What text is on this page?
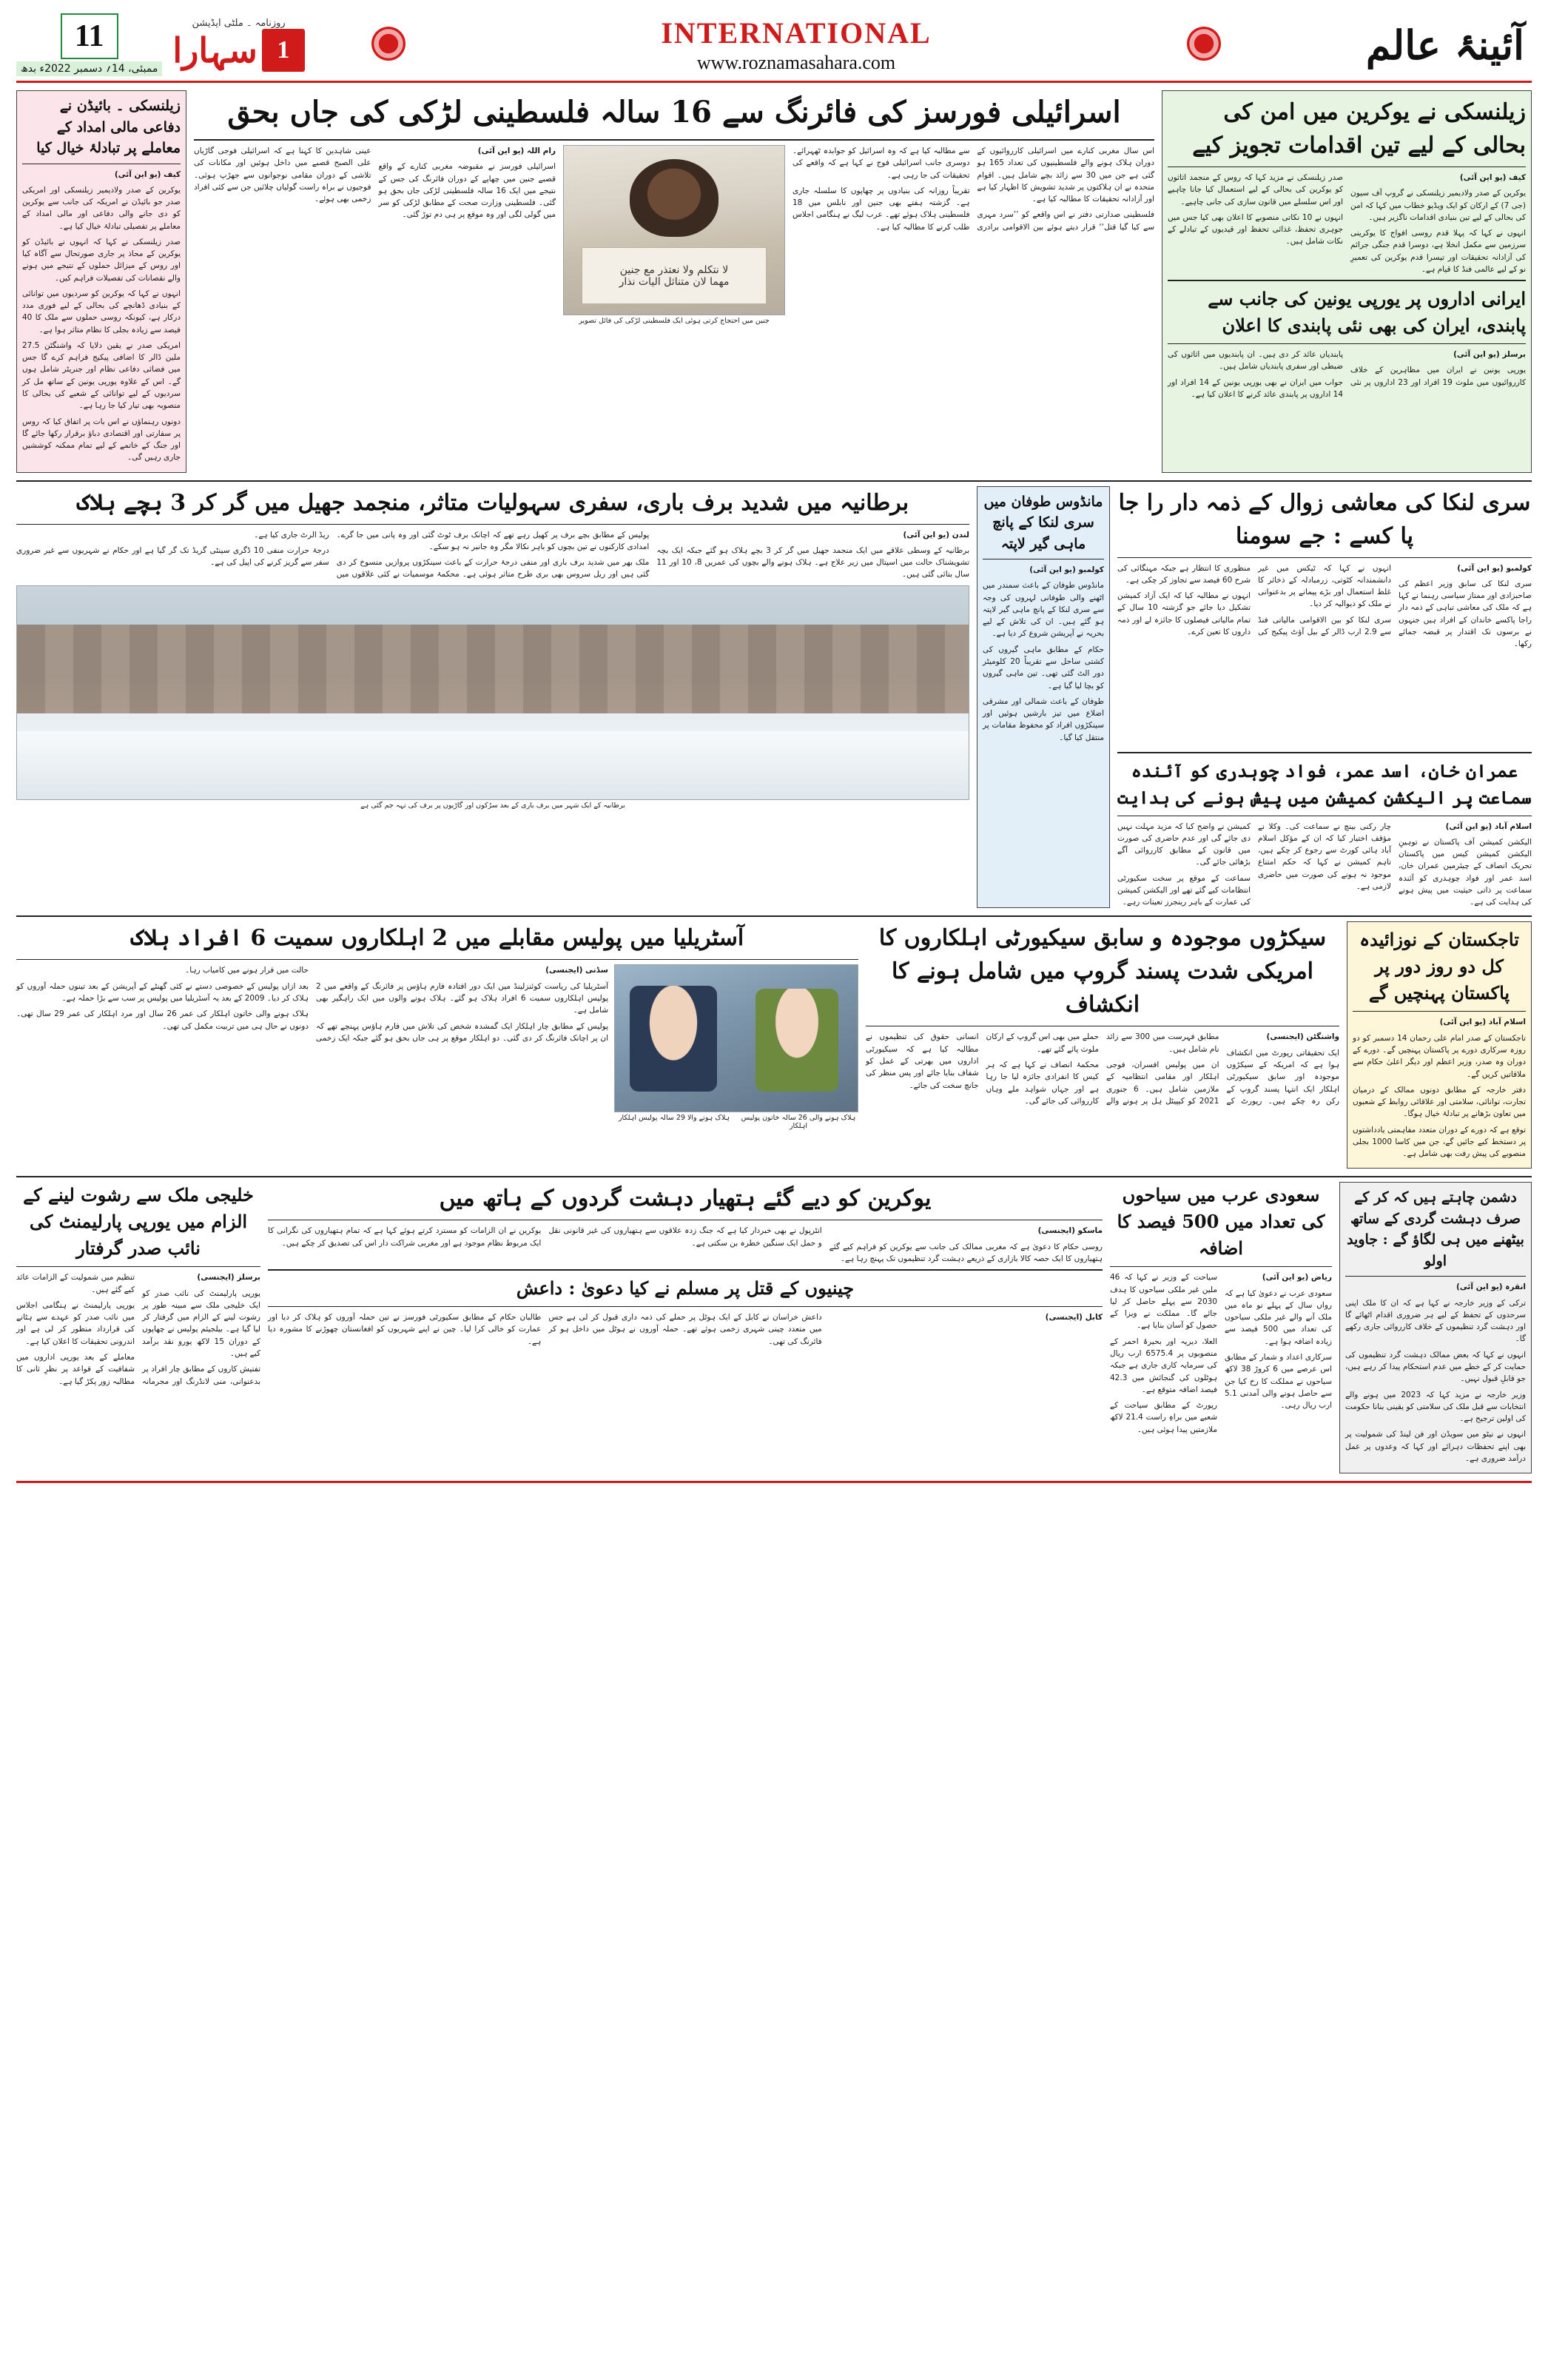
آئینۂ عالم
INTERNATIONAL
www.roznamasahara.com
روزنامہ ۔ ملٹی ایڈیشن
1
سہارا
11
ممبئی، 14؍ دسمبر 2022ء بدھ
زیلنسکی نے یوکرین میں امن کی بحالی کے لیے تین اقدامات تجویز کیے

کیف (یو این آئی)

یوکرین کے صدر ولادیمیر زیلنسکی نے گروپ آف سیون (جی 7) کے ارکان کو ایک ویڈیو خطاب میں کہا کہ امن کی بحالی کے لیے تین بنیادی اقدامات ناگزیر ہیں۔

انہوں نے کہا کہ پہلا قدم روسی افواج کا یوکرینی سرزمین سے مکمل انخلا ہے، دوسرا قدم جنگی جرائم کی آزادانہ تحقیقات اور تیسرا قدم یوکرین کی تعمیرِ نو کے لیے عالمی فنڈ کا قیام ہے۔

صدر زیلنسکی نے مزید کہا کہ روس کے منجمد اثاثوں کو یوکرین کی بحالی کے لیے استعمال کیا جانا چاہیے اور اس سلسلے میں قانون سازی کی جانی چاہیے۔

انہوں نے 10 نکاتی منصوبے کا اعلان بھی کیا جس میں جوہری تحفظ، غذائی تحفظ اور قیدیوں کے تبادلے کے نکات شامل ہیں۔

ایرانی اداروں پر یورپی یونین کی جانب سے پابندی، ایران کی بھی نئی پابندی کا اعلان

برسلز (یو این آئی)

یورپی یونین نے ایران میں مظاہرین کے خلاف کارروائیوں میں ملوث 19 افراد اور 23 اداروں پر نئی پابندیاں عائد کر دی ہیں۔ ان پابندیوں میں اثاثوں کی ضبطی اور سفری پابندیاں شامل ہیں۔

جواب میں ایران نے بھی یورپی یونین کے 14 افراد اور 14 اداروں پر پابندی عائد کرنے کا اعلان کیا ہے۔

اسرائیلی فورسز کی فائرنگ سے 16 سالہ فلسطینی لڑکی کی جاں بحق

اس سال مغربی کنارے میں اسرائیلی کارروائیوں کے دوران ہلاک ہونے والے فلسطینیوں کی تعداد 165 ہو گئی ہے جن میں 30 سے زائد بچے شامل ہیں۔ اقوام متحدہ نے ان ہلاکتوں پر شدید تشویش کا اظہار کیا ہے اور آزادانہ تحقیقات کا مطالبہ کیا ہے۔

فلسطینی صدارتی دفتر نے اس واقعے کو ’’سرد مہری سے کیا گیا قتل‘‘ قرار دیتے ہوئے بین الاقوامی برادری سے مطالبہ کیا ہے کہ وہ اسرائیل کو جوابدہ ٹھہرائے۔ دوسری جانب اسرائیلی فوج نے کہا ہے کہ واقعے کی تحقیقات کی جا رہی ہے۔

تقریباً روزانہ کی بنیادوں پر چھاپوں کا سلسلہ جاری ہے۔ گزشتہ ہفتے بھی جنین اور نابلس میں 18 فلسطینی ہلاک ہوئے تھے۔ عرب لیگ نے ہنگامی اجلاس طلب کرنے کا مطالبہ کیا ہے۔

لا نتكلم ولا نعتذر مع جنين
مهما لان متناثل اليات نذار
جنین میں احتجاج کرتی ہوئی ایک فلسطینی لڑکی کی فائل تصویر

رام اللہ (یو این آئی)

اسرائیلی فورسز نے مقبوضہ مغربی کنارے کے واقع قصبے جنین میں چھاپے کے دوران فائرنگ کی جس کے نتیجے میں ایک 16 سالہ فلسطینی لڑکی جاں بحق ہو گئی۔ فلسطینی وزارت صحت کے مطابق لڑکی کو سر میں گولی لگی اور وہ موقع پر ہی دم توڑ گئی۔

عینی شاہدین کا کہنا ہے کہ اسرائیلی فوجی گاڑیاں علی الصبح قصبے میں داخل ہوئیں اور مکانات کی تلاشی کے دوران مقامی نوجوانوں سے جھڑپ ہوئی۔ فوجیوں نے براہ راست گولیاں چلائیں جن سے کئی افراد زخمی بھی ہوئے۔

زیلنسکی ۔ بائیڈن نے دفاعی مالی امداد کے معاملے پر تبادلۂ خیال کیا

کیف (یو این آئی)

یوکرین کے صدر ولادیمیر زیلنسکی اور امریکی صدر جو بائیڈن نے امریکہ کی جانب سے یوکرین کو دی جانے والی دفاعی اور مالی امداد کے معاملے پر تفصیلی تبادلۂ خیال کیا ہے۔

صدر زیلنسکی نے کہا کہ انہوں نے بائیڈن کو یوکرین کے محاذ پر جاری صورتحال سے آگاہ کیا اور روس کے میزائل حملوں کے نتیجے میں ہونے والے نقصانات کی تفصیلات فراہم کیں۔

انہوں نے کہا کہ یوکرین کو سردیوں میں توانائی کے بنیادی ڈھانچے کی بحالی کے لیے فوری مدد درکار ہے، کیونکہ روسی حملوں سے ملک کا 40 فیصد سے زیادہ بجلی کا نظام متاثر ہوا ہے۔

امریکی صدر نے یقین دلایا کہ واشنگٹن 27.5 ملین ڈالر کا اضافی پیکیج فراہم کرے گا جس میں فضائی دفاعی نظام اور جنریٹر شامل ہوں گے۔ اس کے علاوہ یورپی یونین کے ساتھ مل کر سردیوں کے لیے توانائی کے شعبے کی بحالی کا منصوبہ بھی تیار کیا جا رہا ہے۔

دونوں رہنماؤں نے اس بات پر اتفاق کیا کہ روس پر سفارتی اور اقتصادی دباؤ برقرار رکھا جائے گا اور جنگ کے خاتمے کے لیے تمام ممکنہ کوششیں جاری رہیں گی۔

سری لنکا کی معاشی زوال کے ذمہ دار را جا پا کسے : جے سومنا

کولمبو (یو این آئی)

سری لنکا کی سابق وزیر اعظم کی صاحبزادی اور ممتاز سیاسی رہنما نے کہا ہے کہ ملک کی معاشی تباہی کے ذمہ دار راجا پاکسے خاندان کے افراد ہیں جنہوں نے برسوں تک اقتدار پر قبضہ جمائے رکھا۔

انہوں نے کہا کہ ٹیکس میں غیر دانشمندانہ کٹوتی، زرمبادلہ کے ذخائر کا غلط استعمال اور بڑے پیمانے پر بدعنوانی نے ملک کو دیوالیہ کر دیا۔

سری لنکا کو بین الاقوامی مالیاتی فنڈ سے 2.9 ارب ڈالر کے بیل آؤٹ پیکیج کی منظوری کا انتظار ہے جبکہ مہنگائی کی شرح 60 فیصد سے تجاوز کر چکی ہے۔

انہوں نے مطالبہ کیا کہ ایک آزاد کمیشن تشکیل دیا جائے جو گزشتہ 10 سال کے تمام مالیاتی فیصلوں کا جائزہ لے اور ذمہ داروں کا تعین کرے۔

عمران خان، اسد عمر، فواد چوہدری کو آئندہ سماعت پر الیکشن کمیشن میں پیش ہونے کی ہدایت

اسلام آباد (یو این آئی)

الیکشن کمیشن آف پاکستان نے توہینِ الیکشن کمیشن کیس میں پاکستان تحریک انصاف کے چیئرمین عمران خان، اسد عمر اور فواد چوہدری کو آئندہ سماعت پر ذاتی حیثیت میں پیش ہونے کی ہدایت کی ہے۔

چار رکنی بینچ نے سماعت کی۔ وکلا نے مؤقف اختیار کیا کہ ان کے مؤکل اسلام آباد ہائی کورٹ سے رجوع کر چکے ہیں، تاہم کمیشن نے کہا کہ حکم امتناع موجود نہ ہونے کی صورت میں حاضری لازمی ہے۔

کمیشن نے واضح کیا کہ مزید مہلت نہیں دی جائے گی اور عدم حاضری کی صورت میں قانون کے مطابق کارروائی آگے بڑھائی جائے گی۔

سماعت کے موقع پر سخت سکیورٹی انتظامات کیے گئے تھے اور الیکشن کمیشن کی عمارت کے باہر رینجرز تعینات رہے۔

مانڈوس طوفان میں سری لنکا کے پانچ ماہی گیر لاپتہ

کولمبو (یو این آئی)

مانڈوس طوفان کے باعث سمندر میں اٹھنے والی طوفانی لہروں کی وجہ سے سری لنکا کے پانچ ماہی گیر لاپتہ ہو گئے ہیں۔ ان کی تلاش کے لیے بحریہ نے آپریشن شروع کر دیا ہے۔

حکام کے مطابق ماہی گیروں کی کشتی ساحل سے تقریباً 20 کلومیٹر دور الٹ گئی تھی۔ تین ماہی گیروں کو بچا لیا گیا ہے۔

طوفان کے باعث شمالی اور مشرقی اضلاع میں تیز بارشیں ہوئیں اور سینکڑوں افراد کو محفوظ مقامات پر منتقل کیا گیا۔

برطانیہ میں شدید برف باری، سفری سہولیات متاثر، منجمد جھیل میں گر کر 3 بچے ہلاک

لندن (یو این آئی)

برطانیہ کے وسطی علاقے میں ایک منجمد جھیل میں گر کر 3 بچے ہلاک ہو گئے جبکہ ایک بچہ تشویشناک حالت میں اسپتال میں زیر علاج ہے۔ ہلاک ہونے والے بچوں کی عمریں 8، 10 اور 11 سال بتائی گئی ہیں۔

پولیس کے مطابق بچے برف پر کھیل رہے تھے کہ اچانک برف ٹوٹ گئی اور وہ پانی میں جا گرے۔ امدادی کارکنوں نے تین بچوں کو باہر نکالا مگر وہ جانبر نہ ہو سکے۔

ملک بھر میں شدید برف باری اور منفی درجۂ حرارت کے باعث سینکڑوں پروازیں منسوخ کر دی گئی ہیں اور ریل سروس بھی بری طرح متاثر ہوئی ہے۔ محکمۂ موسمیات نے کئی علاقوں میں ریڈ الرٹ جاری کیا ہے۔

درجۂ حرارت منفی 10 ڈگری سینٹی گریڈ تک گر گیا ہے اور حکام نے شہریوں سے غیر ضروری سفر سے گریز کرنے کی اپیل کی ہے۔

برطانیہ کے ایک شہر میں برف باری کے بعد سڑکوں اور گاڑیوں پر برف کی تہہ جم گئی ہے
تاجکستان کے نوزائیدہ کل دو روز دور پر پاکستان پہنچیں گے

اسلام آباد (یو این آئی)

تاجکستان کے صدر امام علی رحمان 14 دسمبر کو دو روزہ سرکاری دورے پر پاکستان پہنچیں گے۔ دورے کے دوران وہ صدر، وزیر اعظم اور دیگر اعلیٰ حکام سے ملاقاتیں کریں گے۔

دفتر خارجہ کے مطابق دونوں ممالک کے درمیان تجارت، توانائی، سلامتی اور علاقائی روابط کے شعبوں میں تعاون بڑھانے پر تبادلۂ خیال ہوگا۔

توقع ہے کہ دورے کے دوران متعدد مفاہمتی یادداشتوں پر دستخط کیے جائیں گے، جن میں کاسا 1000 بجلی منصوبے کی پیش رفت بھی شامل ہے۔

سیکڑوں موجودہ و سابق سیکیورٹی اہلکاروں کا امریکی شدت پسند گروپ میں شامل ہونے کا انکشاف

واشنگٹن (ایجنسی)

ایک تحقیقاتی رپورٹ میں انکشاف ہوا ہے کہ امریکہ کے سیکڑوں موجودہ اور سابق سیکیورٹی اہلکار ایک انتہا پسند گروپ کے رکن رہ چکے ہیں۔ رپورٹ کے مطابق فہرست میں 300 سے زائد نام شامل ہیں۔

ان میں پولیس افسران، فوجی اہلکار اور مقامی انتظامیہ کے ملازمین شامل ہیں۔ 6 جنوری 2021 کو کیپیٹل ہل پر ہونے والے حملے میں بھی اس گروپ کے ارکان ملوث پائے گئے تھے۔

محکمۂ انصاف نے کہا ہے کہ ہر کیس کا انفرادی جائزہ لیا جا رہا ہے اور جہاں شواہد ملے وہاں کارروائی کی جائے گی۔

انسانی حقوق کی تنظیموں نے مطالبہ کیا ہے کہ سیکیورٹی اداروں میں بھرتی کے عمل کو شفاف بنایا جائے اور پس منظر کی جانچ سخت کی جائے۔

آسٹریلیا میں پولیس مقابلے میں 2 اہلکاروں سمیت 6 افراد ہلاک
ہلاک ہونے والی 26 سالہ خاتون پولیس اہلکار
ہلاک ہونے والا 29 سالہ پولیس اہلکار

سڈنی (ایجنسی)

آسٹریلیا کی ریاست کوئنزلینڈ میں ایک دور افتادہ فارم ہاؤس پر فائرنگ کے واقعے میں 2 پولیس اہلکاروں سمیت 6 افراد ہلاک ہو گئے۔ ہلاک ہونے والوں میں ایک راہگیر بھی شامل ہے۔

پولیس کے مطابق چار اہلکار ایک گمشدہ شخص کی تلاش میں فارم ہاؤس پہنچے تھے کہ ان پر اچانک فائرنگ کر دی گئی۔ دو اہلکار موقع پر ہی جاں بحق ہو گئے جبکہ ایک زخمی حالت میں فرار ہونے میں کامیاب رہا۔

بعد ازاں پولیس کے خصوصی دستے نے کئی گھنٹے کے آپریشن کے بعد تینوں حملہ آوروں کو ہلاک کر دیا۔ 2009 کے بعد یہ آسٹریلیا میں پولیس پر سب سے بڑا حملہ ہے۔

ہلاک ہونے والی خاتون اہلکار کی عمر 26 سال اور مرد اہلکار کی عمر 29 سال تھی۔ دونوں نے حال ہی میں تربیت مکمل کی تھی۔

دشمن چاہتے ہیں کہ کر کے صرف دہشت گردی کے ساتھ بیٹھنے میں ہی لگاؤ گے : جاوید اولو

انقرہ (یو این آئی)

ترکی کے وزیر خارجہ نے کہا ہے کہ ان کا ملک اپنی سرحدوں کے تحفظ کے لیے ہر ضروری اقدام اٹھائے گا اور دہشت گرد تنظیموں کے خلاف کارروائی جاری رکھے گا۔

انہوں نے کہا کہ بعض ممالک دہشت گرد تنظیموں کی حمایت کر کے خطے میں عدم استحکام پیدا کر رہے ہیں، جو قابلِ قبول نہیں۔

وزیر خارجہ نے مزید کہا کہ 2023 میں ہونے والے انتخابات سے قبل ملک کی سلامتی کو یقینی بنانا حکومت کی اولین ترجیح ہے۔

انہوں نے نیٹو میں سویڈن اور فن لینڈ کی شمولیت پر بھی اپنے تحفظات دہرائے اور کہا کہ وعدوں پر عمل درآمد ضروری ہے۔

سعودی عرب میں سیاحوں کی تعداد میں 500 فیصد کا اضافہ

ریاض (یو این آئی)

سعودی عرب نے دعویٰ کیا ہے کہ رواں سال کے پہلے نو ماہ میں ملک آنے والے غیر ملکی سیاحوں کی تعداد میں 500 فیصد سے زیادہ اضافہ ہوا ہے۔

سرکاری اعداد و شمار کے مطابق اس عرصے میں 6 کروڑ 38 لاکھ سیاحوں نے مملکت کا رخ کیا جن سے حاصل ہونے والی آمدنی 5.1 ارب ریال رہی۔

سیاحت کے وزیر نے کہا کہ 46 ملین غیر ملکی سیاحوں کا ہدف 2030 سے پہلے حاصل کر لیا جائے گا۔ مملکت نے ویزا کے حصول کو آسان بنایا ہے۔

العلا، دیریہ اور بحیرۂ احمر کے منصوبوں پر 6575.4 ارب ریال کی سرمایہ کاری جاری ہے جبکہ ہوٹلوں کی گنجائش میں 42.3 فیصد اضافہ متوقع ہے۔

رپورٹ کے مطابق سیاحت کے شعبے میں براہِ راست 21.4 لاکھ ملازمتیں پیدا ہوئی ہیں۔

یوکرین کو دیے گئے ہتھیار دہشت گردوں کے ہاتھ میں

ماسکو (ایجنسی)

روسی حکام کا دعویٰ ہے کہ مغربی ممالک کی جانب سے یوکرین کو فراہم کیے گئے ہتھیاروں کا ایک حصہ کالا بازاری کے ذریعے دہشت گرد تنظیموں تک پہنچ رہا ہے۔

انٹرپول نے بھی خبردار کیا ہے کہ جنگ زدہ علاقوں سے ہتھیاروں کی غیر قانونی نقل و حمل ایک سنگین خطرہ بن سکتی ہے۔

یوکرین نے ان الزامات کو مسترد کرتے ہوئے کہا ہے کہ تمام ہتھیاروں کی نگرانی کا ایک مربوط نظام موجود ہے اور مغربی شراکت دار اس کی تصدیق کر چکے ہیں۔

چینیوں کے قتل پر مسلم نے کیا دعویٰ : داعش

کابل (ایجنسی)

داعش خراسان نے کابل کے ایک ہوٹل پر حملے کی ذمہ داری قبول کر لی ہے جس میں متعدد چینی شہری زخمی ہوئے تھے۔ حملہ آوروں نے ہوٹل میں داخل ہو کر فائرنگ کی تھی۔

طالبان حکام کے مطابق سکیورٹی فورسز نے تین حملہ آوروں کو ہلاک کر دیا اور عمارت کو خالی کرا لیا۔ چین نے اپنے شہریوں کو افغانستان چھوڑنے کا مشورہ دیا ہے۔

خلیجی ملک سے رشوت لینے کے الزام میں یورپی پارلیمنٹ کی نائب صدر گرفتار

برسلز (ایجنسی)

یورپی پارلیمنٹ کی نائب صدر کو ایک خلیجی ملک سے مبینہ طور پر رشوت لینے کے الزام میں گرفتار کر لیا گیا ہے۔ بیلجیئم پولیس نے چھاپوں کے دوران 15 لاکھ یورو نقد برآمد کیے ہیں۔

تفتیش کاروں کے مطابق چار افراد پر بدعنوانی، منی لانڈرنگ اور مجرمانہ تنظیم میں شمولیت کے الزامات عائد کیے گئے ہیں۔

یورپی پارلیمنٹ نے ہنگامی اجلاس میں نائب صدر کو عہدے سے ہٹانے کی قرارداد منظور کر لی ہے اور اندرونی تحقیقات کا اعلان کیا ہے۔

معاملے کے بعد یورپی اداروں میں شفافیت کے قواعد پر نظرِ ثانی کا مطالبہ زور پکڑ گیا ہے۔
